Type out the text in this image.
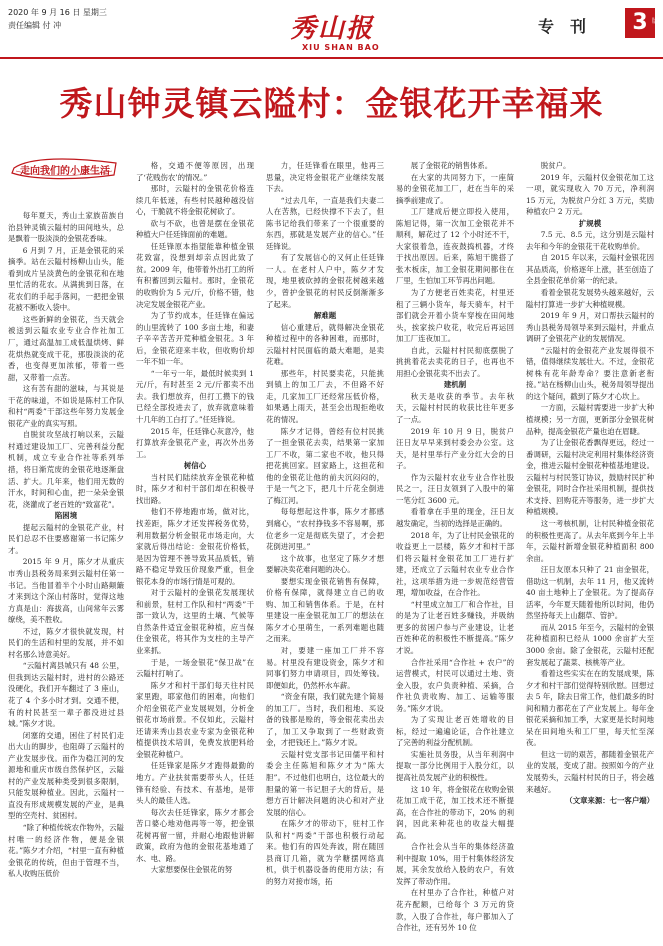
2020 年 9 月 16 日 星期三
责任编辑 付 冲	秀山报
XIU SHAN BAO
专刊	3 版
秀山钟灵镇云隘村：金银花开幸福来
走向我们的小康生活

每年夏天，秀山土家族苗族自治县钟灵镇云隘村的田间地头，总是飘着一股淡淡的金银花香味。

6 月到 7 月，正是金银花的采摘季。站在云隘村杨柳山山头，能看到成片呈淡黄色的金银花和在地里忙活的花农。从满挑到日落，在花农们的手起手落间，一把把金银花被不断收入袋中。

这些新鲜的金银花，当天就会被送到云隘农业专业合作社加工厂，通过高温加工成低温烘烤、鲜花烘热就变成干花，那股淡淡的花香，也变得更加浓郁，带着一些甜，又带着一点苦。

这有苦有甜的滋味，与其说是干花的味道，不如说是陈村工作队和村“两委”干部这些年努力发展金银花产业的真实写照。

自脱贫攻坚战打响以来，云隘村通过建设加工厂、完善利益分配机制，成立专业合作社等系列举措，将日渐荒废的金银花地逐渐盘活、扩大。几年来，他们用无数的汗水，时间和心血，把一朵朵金银花，浇灌成了老百姓的“致富花”。

陷困境

提起云隘村的金银花产业，村民们总忍不住要感谢第一书记陈夕才。

2015 年 9 月，陈夕才从重庆市秀山县税务局来到云隘村任第一书记。当他冒着半个小时山路颠簸才来到这个深山村落时，觉得这地方真是山：海拔高，山间常年云雾缭绕，美不胜收。

不过，陈夕才很快就发现，村民们的生活和村里的发展，并不如村名那么诗意美好。

“云隘村离县城只有 48 公里，但我到达云隘村时，进村的公路还没硬化，我们开车翻过了 3 座山，花了 4 个多小时才到。交通不便，有的村民甚至一辈子都没进过县城。”陈夕才说。

闭塞的交通，困住了村民们走出大山的脚步，也阻碍了云隘村的产业发展步伐。而作为稳江河的发源地和重庆市级自然保护区，云隘村的产业发展种类受到很多限制，只能发展种植业。因此，云隘村一直没有形成规模发展的产业，是典型的空壳村、贫困村。

“除了种植传统农作物外，云隘村唯一的经济作物，便是金银花。”陈夕才介绍，“村里一直有种植金银花的传统，但由于管理不当，私人收购压低价

格，交通不便等原因，出现了‘花贱伤农’的情况。”

那时，云隘村的金银花价格连续几年低迷，有些村民越种越没信心，干脆就不将金银花树砍了。

砍与不砍，也曾是摆在金银花种植大户任廷锋面前的难题。

任廷锋原本指望能靠种植金银花致富，没想到却亲点因此致了贫。2009 年，他带着外出打工的所有积蓄回到云隘村。那时，金银花的收购价为 5 元/斤，价格不错，他决定发展金银花产业。

为了节约成本，任廷锋在偏远的山里流转了 100 多亩土地，和妻子辛辛苦苦开荒种植金银花。3 年后，金银花迎来丰收，但收购价却一年不如一年。

“一年亏一年，最低时候卖到 1 元/斤，有时甚至 2 元/斤都卖不出去。我们想放弃，但打工攒下的钱已经全部投进去了，放弃就意味着十几年的工白打了。”任廷锋说。

2015 年，任廷锋心灰意冷，他打算放弃金银花产业，再次外出务工。

树信心

当村民们陆续放弃金银花种植时，陈夕才和村干部们却在积极寻找出路。

他们不停地跑市场，做对比，找差距，陈夕才还发挥税务优势，利用数据分析金银花市场走向，大家就后得出结论：金银花价格低，是因为管理不善导致其品质低，销路不稳定导致压价现象严重，但金银花本身的市场行情是可观的。

对于云隘村的金银花发展现状和前景，驻村工作队和村“两委”干部一致认为，这里的土壤、气候等自然条件适宜金银花种植，应当保住金银花，将其作为支柱的主导产业来抓。

于是，一场金银花“保卫战”在云隘村打响了。

陈夕才和村干部们每天往村民家里跑，耶家他们的困难，向他们介绍金银花产业发展规划，分析金银花市场前景。不仅如此，云隘村还请来秀山县农业专家为金银花种植提供技术培训，免费发放肥料给金银花种植户。

任廷锋家是陈夕才跑得最勤的地方。产业扶贫需要带头人，任廷锋有经验、有技术、有基地，是带头人的最佳人选。

每次去任廷锋家，陈夕才都会苦口婆心地劝他再等一等，把金银花树再留一留，并耐心地跟他讲解政策，政府为他的金银花基地通了水、电、路。

大家想要保住金银花的努

力，任廷锋看在眼里，他再三思量，决定将金银花产业继续发展下去。

“过去几年，一直是我们夫妻二人在苦熬，已经快撑不下去了，但陈书记给我们带来了一个很重要的东西，那就是发展产业的信心。”任廷锋说。

有了发展信心的又何止任廷锋一人。在老村人户中，陈夕才发现，地里被砍掉的金银花树越来越少，曾护金银花的村民反倒渐渐多了起来。

解难题

信心重建后，就得解决金银花种植过程中的各种困难，而那时，云隘村村民面临的最大难题，是卖花难。

那些年，村民要卖花，只能挑到镇上的加工厂去，不但路不好走，几家加工厂还经常压低价格，如果遇上雨天，甚至会出现拒绝收花的情况。

陈夕才记得，曾经有位村民挑了一担金银花去卖，结果第一家加工厂不收，第二家也不收，他只得把花挑回家。回家路上，这担花和他的金银花让他的前夫沉闷闷的，于是一气之下，把几十斤花全倒进了梅江河。

每每想起这件事，陈夕才都感到痛心，“农村挣钱多不容易啊，那位老乡一定是彻底失望了，才会把花倒进河里。”

这个故事，也坚定了陈夕才想要解决卖花难问题的决心。

要想实现金银花销售有保障，价格有保障，就得建立自己的收购、加工和销售体系。于是，在村里建设一座金银花加工厂的想法在陈夕才心里萌生，一系列难题也随之而来。

对，要建一座加工厂并不容易。村里没有建设资金，陈夕才和同事们努力申请项目，四处筹钱。即便如此，仍然杯水车薪。

“资金有限，我们就先建个简易的加工厂。当时，我们租地、买设备的钱都是赊的，等金银花卖出去了，加工又争取到了一些财政资金，才把钱还上。”陈夕才说。

云隘村党支部书记田儒平和村委会主任陈旭和陈夕才为“陈大胆”。不过他们也明白，这位最大的胆量的第一书记胆子大的背后，是想方百计解决问题的决心和对产业发展的信心。

在陈夕才的带动下，驻村工作队和村“两委”干部也积极行动起来。他们有的四处奔波，附在随回县商订几箱，就为学糖摆网络真机，供于机器设备的使用方法；有的努力对接市场，拓

展了金银花的销售体系。

在大家的共同努力下，一座简易的金银花加工厂，赶在当年的采摘季前建成了。

工厂建成后便立即投入使用，陈旭记得，第一次加工金银花并不顺利，解花过了 12 个小时还不干，大家很着急，连夜鼓捣机器，才终于找出原因。后来，陈旭干脆搭了张木板床，加工金银花期间都住在厂里，生怕加工环节再出问题。

为了方便老百姓卖花，村里还租了三辆小货车，每天骑车，村干部们就会开着小货车穿梭在田间地头，挨家挨户收花，收完后再运回加工厂连夜加工。

自此，云隘村村民彻底摆脱了挑挑着花去卖花的日子，也再也不用担心金银花卖不出去了。

建机制

秋天是收获的季节。去年秋天，云隘村村民的收获比往年更多了一点。

2019 年 10 月 9 日，脱贫户汪日友早早来到村委会办公室。这天，是村里举行产业分红大会的日子。

作为云隘村农业专业合作社股民之一，汪日友领到了入股中的第一笔分红 3600 元。

看着拿在手里的现金，汪日友越发确定，当初的选择是正确的。

2018 年，为了让村民金银花的收益更上一层楼，陈夕才和村干部们将云隘村金银花加工厂进行扩建，还成立了云隘村农业专业合作社，这项举措为进一步规范经营管理，增加收益，在合作社。

“村里成立加工厂和合作社，目的是为了让老百姓多赚钱，并吸纳更多的贫困户参与产业建设，让老百姓种花的积极性不断提高。”陈夕才说。

合作社采用“合作社 + 农户”的运营模式，村民可以通过土地、资金入股，农户负责种植、采摘，合作社负责收购、加工、运输等服务。”陈夕才说。

为了实现让老百姓增收的目标，经过一遍遍论证，合作社建立了完善的利益分配机制。

实施社员务股，从当年利润中提取一部分比例用于入股分红，以提高社员发展产业的积极性。

这 10 年，将金银花在收购金银花加工成干花，加工技术还不断提高，在合作社的带动下，20% 的利润，因此来种花也的收益大幅提高。

合作社会从当年的集体经济盈利中提取 10%，用于村集体经济发展，其余发放给入股的农户，有效发挥了带动作用。

在村里办了合作社，种植户对花卉配额，已给每个 3 万元的贷款，入股了合作社，每户都加入了合作社，还有另外 10 位

脱贫户。

2019 年，云隘村仅金银花加工这一项，就实现收入 70 万元，净利润 15 万元，为脱贫户分红 3 万元，奖励种植农户 2 万元。

扩规模

7.5 元、8.5 元，这分别是云隘村去年和今年的金银花干花收购单价。

自 2015 年以来，云隘村金银花因其品质高，价格逐年上涨，甚至创造了全县金银花单价第一的纪录。

看着金银花发展势头越来越好，云隘村打算进一步扩大种植规模。

2019 年 9 月，对口帮扶云隘村的秀山县税务局领导来到云隘村，并重点调研了金银花产业的发展情况。

“云隘村的金银花产业发展得很不错，值得继续发展壮大。不过，金银花树株有花年龄寿命？要注意新老衔接。”站在杨柳山山头，税务局领导提出的这个疑问，戳到了陈夕才心坎上。

一方面，云隘村需要进一步扩大种植规模；另一方面，更新部分金银花树品种，提高金银花产量也迫在眉睫。

为了让金银花香飘得更远，经过一番调研，云隘村决定利用村集体经济资金，推进云隘村金银花种植基地建设。云隘村与村民签订协议，鼓励村民扩种金银花，同时合作社采用机制，提供技术支持、回购花卉等服务，进一步扩大种植规模。

这一考核机制，让村民种植金银花的积极性更高了。从去年底到今年上半年，云隘村新增金银花种植面积 800 余亩。

汪日友原本只种了 21 亩金银花，借助这一机制，去年 11 月，他又流转 40 亩土地种上了金银花。为了提高存活率，今年夏天随着他所以时间，他仍然坚持每天上山翻草、管护。

而从 2015 年至今，云隘村的金银花种植面积已经从 1000 余亩扩大至 3000 余亩。除了金银花，云隘村还配套发展起了蔬菜、核桃等产业。

看着这些实实在在的发展成果，陈夕才和村干部们觉得特别欣慰。回想过去 5 年，除去日常工作，他们最多的时间和精力都花在了产业发展上。每年金银花采摘和加工季，大家更是长时间地呆在田间地头和工厂里，每天忙至深夜。

但这一切的艰苦，都随着金银花产业的发展，变成了甜。按照如今的产业发展势头，云隘村村民的日子，将会越来越好。

（文章来源：七一客户端）
